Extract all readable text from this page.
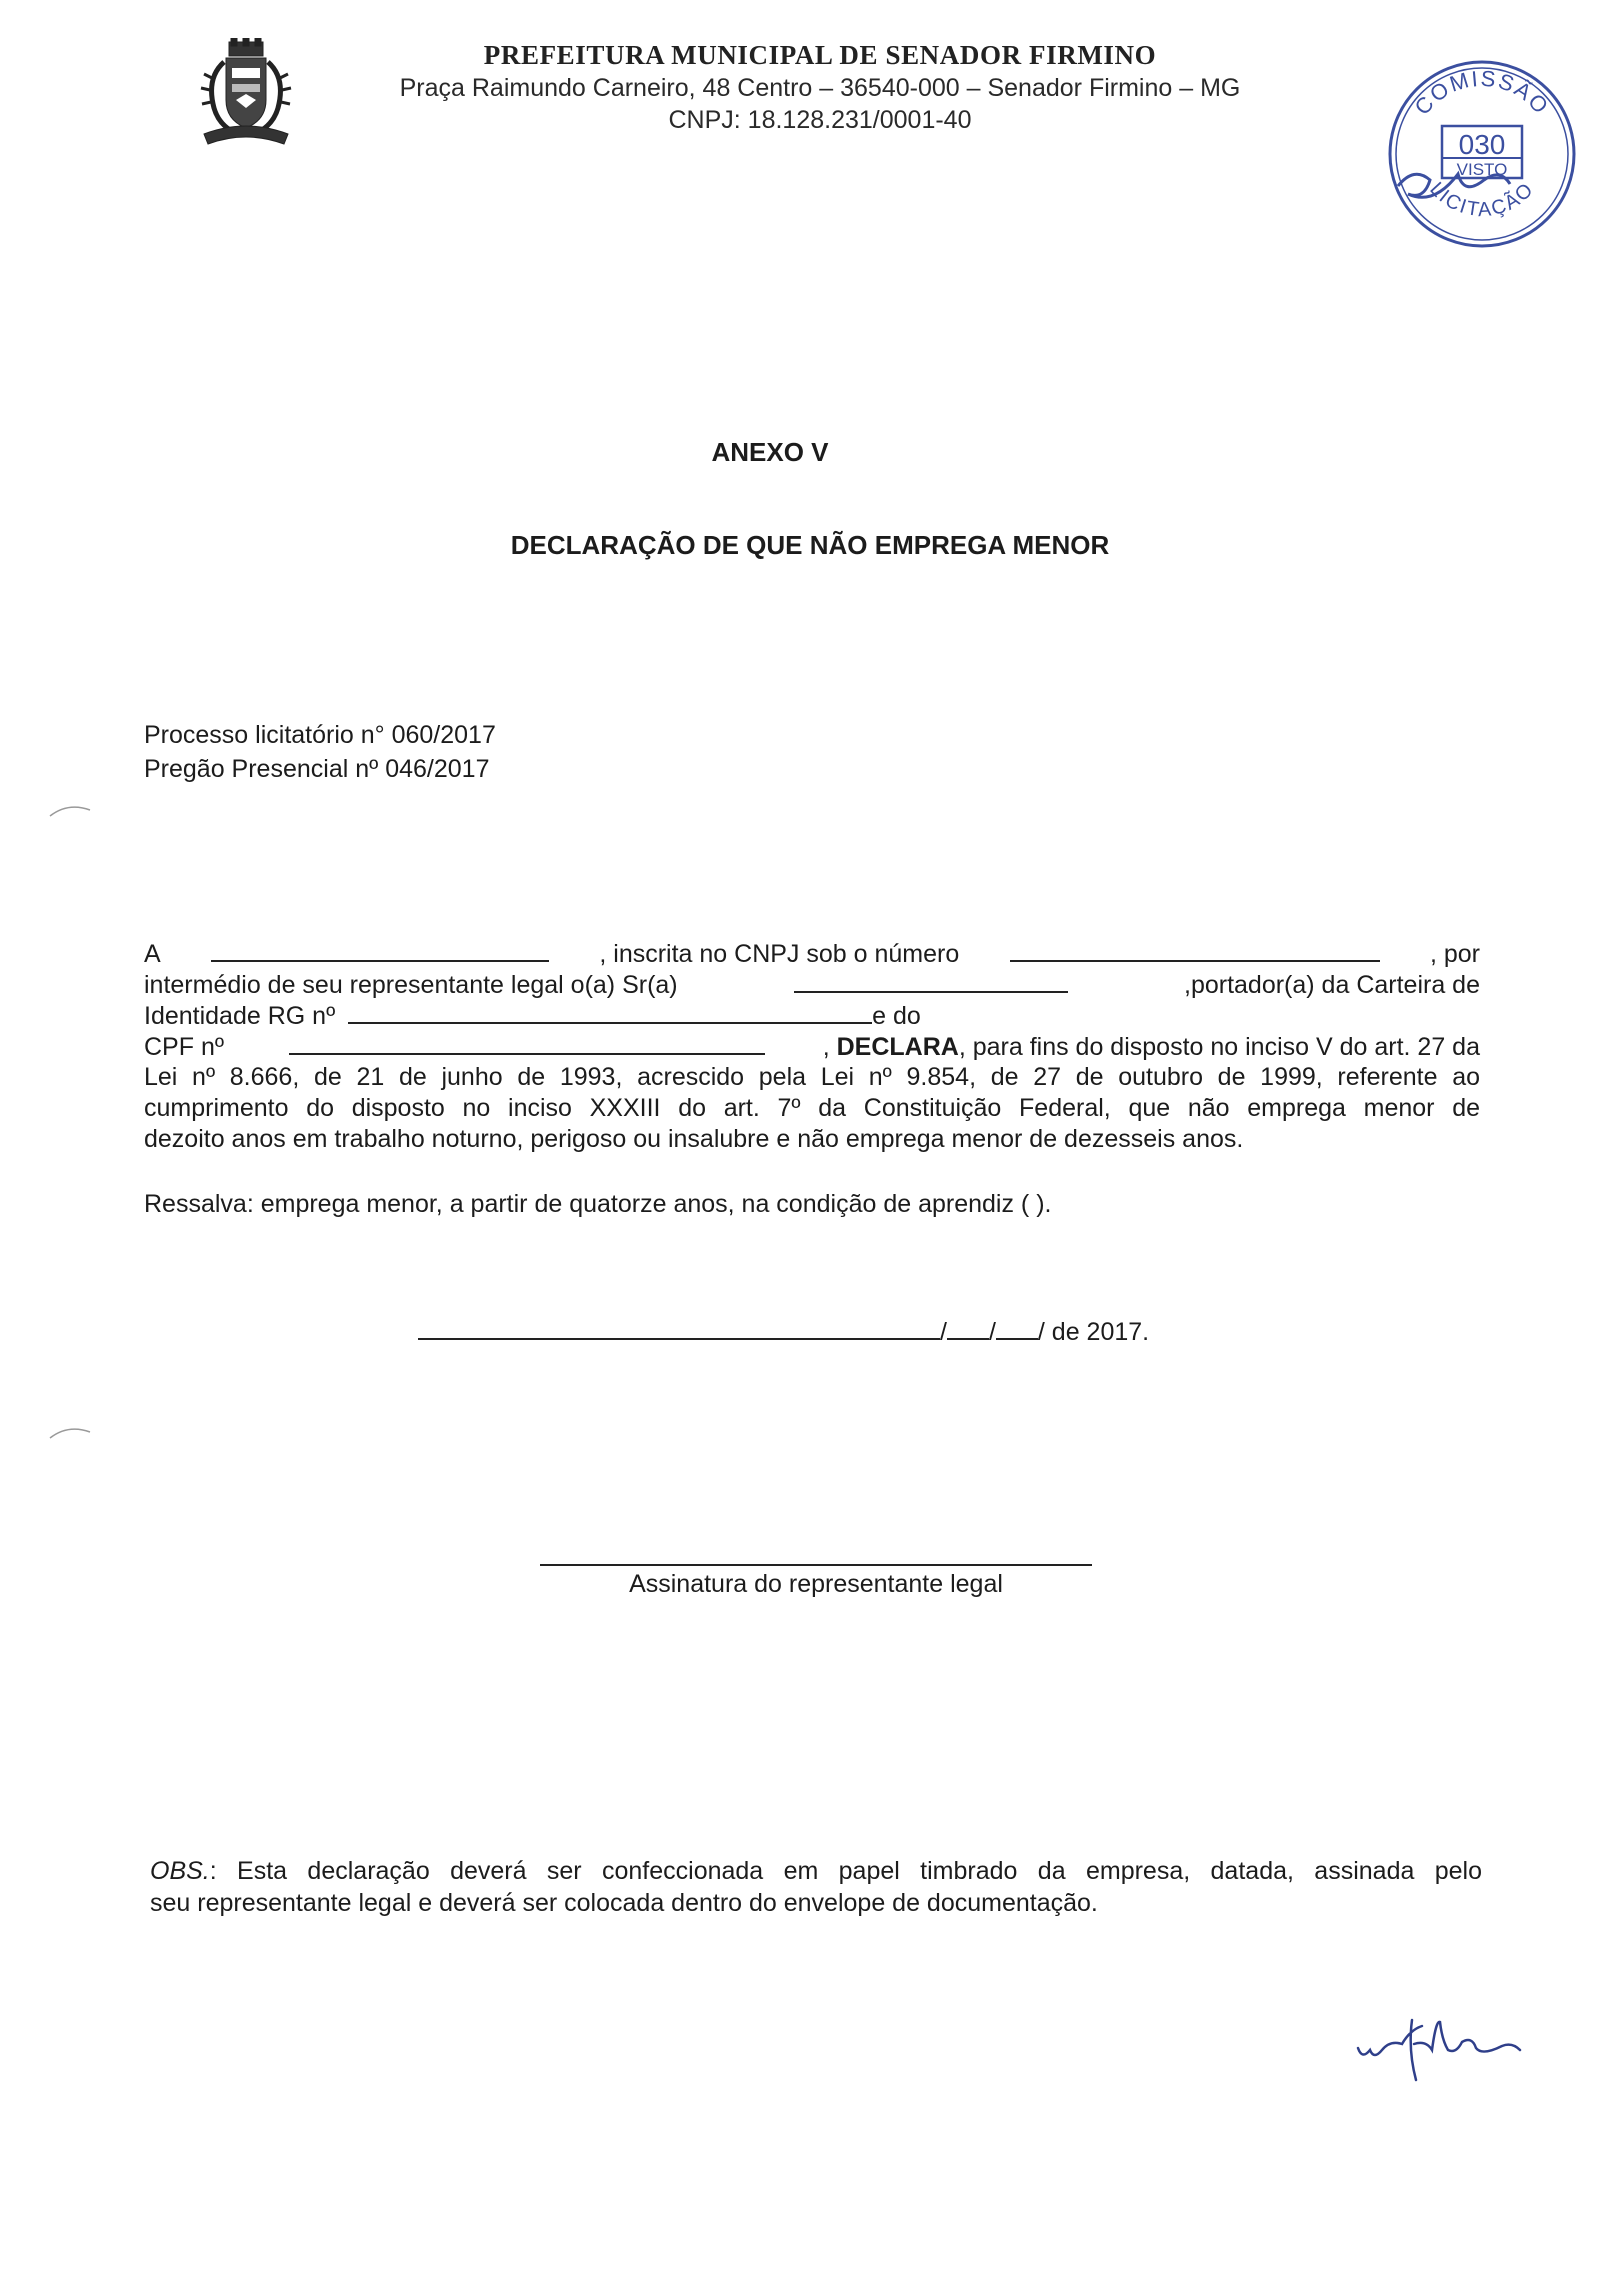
PREFEITURA MUNICIPAL DE SENADOR FIRMINO
Praça Raimundo Carneiro, 48 Centro – 36540-000 – Senador Firmino – MG
CNPJ: 18.128.231/0001-40
COMISSÃO
030
VISTO
LICITAÇÃO
ANEXO V
DECLARAÇÃO DE QUE NÃO EMPREGA MENOR
Processo licitatório n° 060/2017
Pregão Presencial nº 046/2017
A	, inscrita no CNPJ sob o número	, por
intermédio de seu representante legal o(a) Sr(a)	,portador(a) da Carteira de
Identidade RG nº	e do
CPF nº	, DECLARA, para fins do disposto no inciso V do art. 27 da
Lei nº 8.666, de 21 de junho de 1993, acrescido pela Lei nº 9.854, de 27 de outubro de 1999, referente ao
cumprimento do disposto no inciso XXXIII do art. 7º da Constituição Federal, que não emprega menor de
dezoito anos em trabalho noturno, perigoso ou insalubre e não emprega menor de dezesseis anos.
Ressalva: emprega menor, a partir de quatorze anos, na condição de aprendiz ( ).
/ / / de 2017.
Assinatura do representante legal
OBS.: Esta declaração deverá ser confeccionada em papel timbrado da empresa, datada, assinada pelo
seu representante legal e deverá ser colocada dentro do envelope de documentação.
